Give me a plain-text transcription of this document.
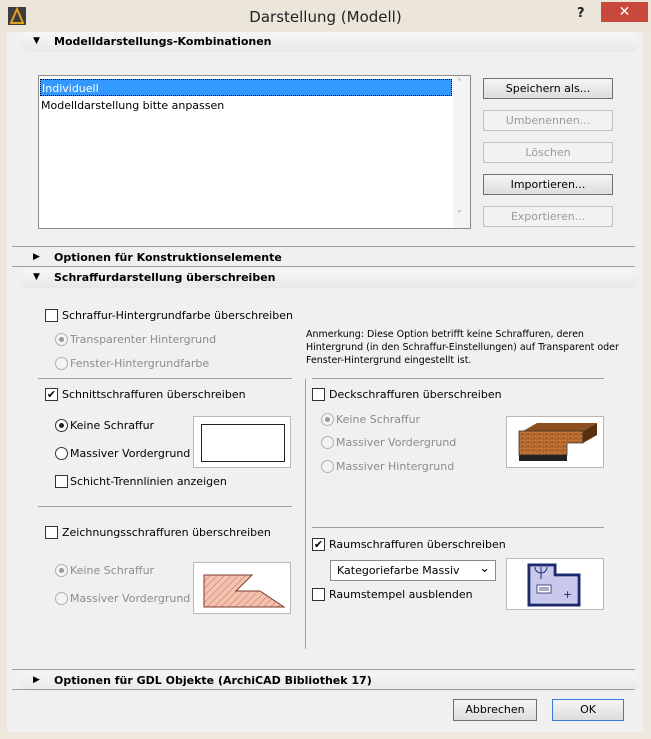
Darstellung (Modell)	?	✕
▼ Modelldarstellungs-Kombinationen
Individuell
Modelldarstellung bitte anpassen
˄
˅
Speichern als...
Umbenennen...
Löschen
Importieren...
Exportieren...
▶ Optionen für Konstruktionselemente
▼ Schraffurdarstellung überschreiben
Schraffur-Hintergrundfarbe überschreiben
Transparenter Hintergrund
Fenster-Hintergrundfarbe
Anmerkung: Diese Option betrifft keine Schraffuren, deren Hintergrund (in den Schraffur-Einstellungen) auf Transparent oder Fenster-Hintergrund eingestellt ist.
✔ Schnittschraffuren überschreiben
Keine Schraffur
Massiver Vordergrund
Schicht-Trennlinien anzeigen
Deckschraffuren überschreiben
Keine Schraffur
Massiver Vordergrund
Massiver Hintergrund
Zeichnungsschraffuren überschreiben
Keine Schraffur
Massiver Vordergrund
✔ Raumschraffuren überschreiben
Kategoriefarbe Massiv ⌄
Raumstempel ausblenden	+
▶ Optionen für GDL Objekte (ArchiCAD Bibliothek 17)
Abbrechen	OK
